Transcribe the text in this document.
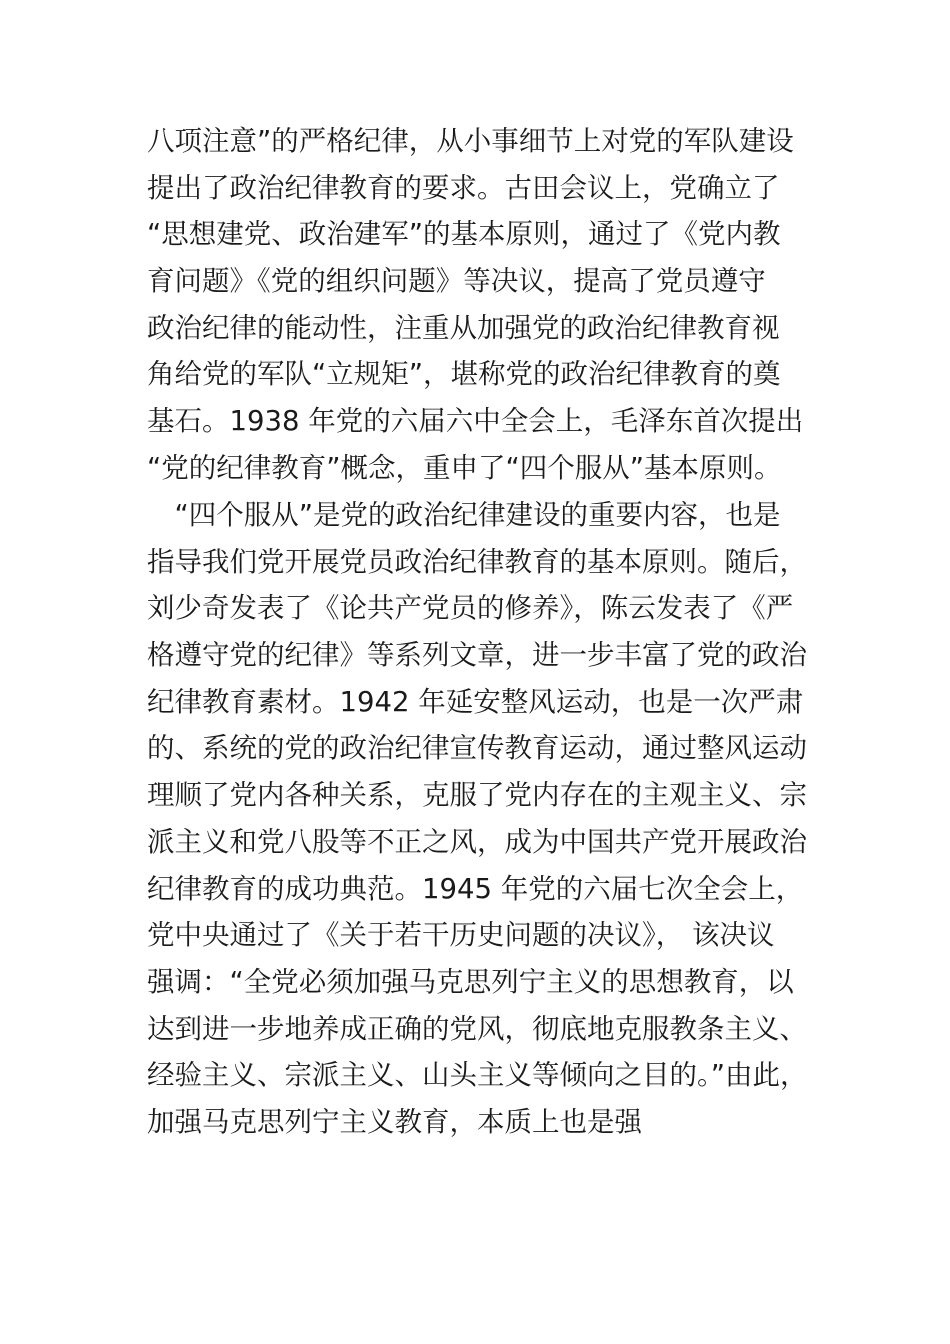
八项注意”的严格纪律，从小事细节上对党的军队建设
提出了政治纪律教育的要求。古田会议上，党确立了
“思想建党、政治建军”的基本原则，通过了《党内教
育问题》《党的组织问题》等决议，提高了党员遵守
政治纪律的能动性，注重从加强党的政治纪律教育视
角给党的军队“立规矩”，堪称党的政治纪律教育的奠
基石。1938 年党的六届六中全会上，毛泽东首次提出
“党的纪律教育”概念，重申了“四个服从”基本原则。
　“四个服从”是党的政治纪律建设的重要内容，也是
指导我们党开展党员政治纪律教育的基本原则。随后，
刘少奇发表了《论共产党员的修养》，陈云发表了《严
格遵守党的纪律》等系列文章，进一步丰富了党的政治
纪律教育素材。1942 年延安整风运动，也是一次严肃
的、系统的党的政治纪律宣传教育运动，通过整风运动
理顺了党内各种关系，克服了党内存在的主观主义、宗
派主义和党八股等不正之风，成为中国共产党开展政治
纪律教育的成功典范。1945 年党的六届七次全会上，
党中央通过了《关于若干历史问题的决议》， 该决议
强调：“全党必须加强马克思列宁主义的思想教育，以
达到进一步地养成正确的党风，彻底地克服教条主义、
经验主义、宗派主义、山头主义等倾向之目的。”由此，
加强马克思列宁主义教育，本质上也是强
